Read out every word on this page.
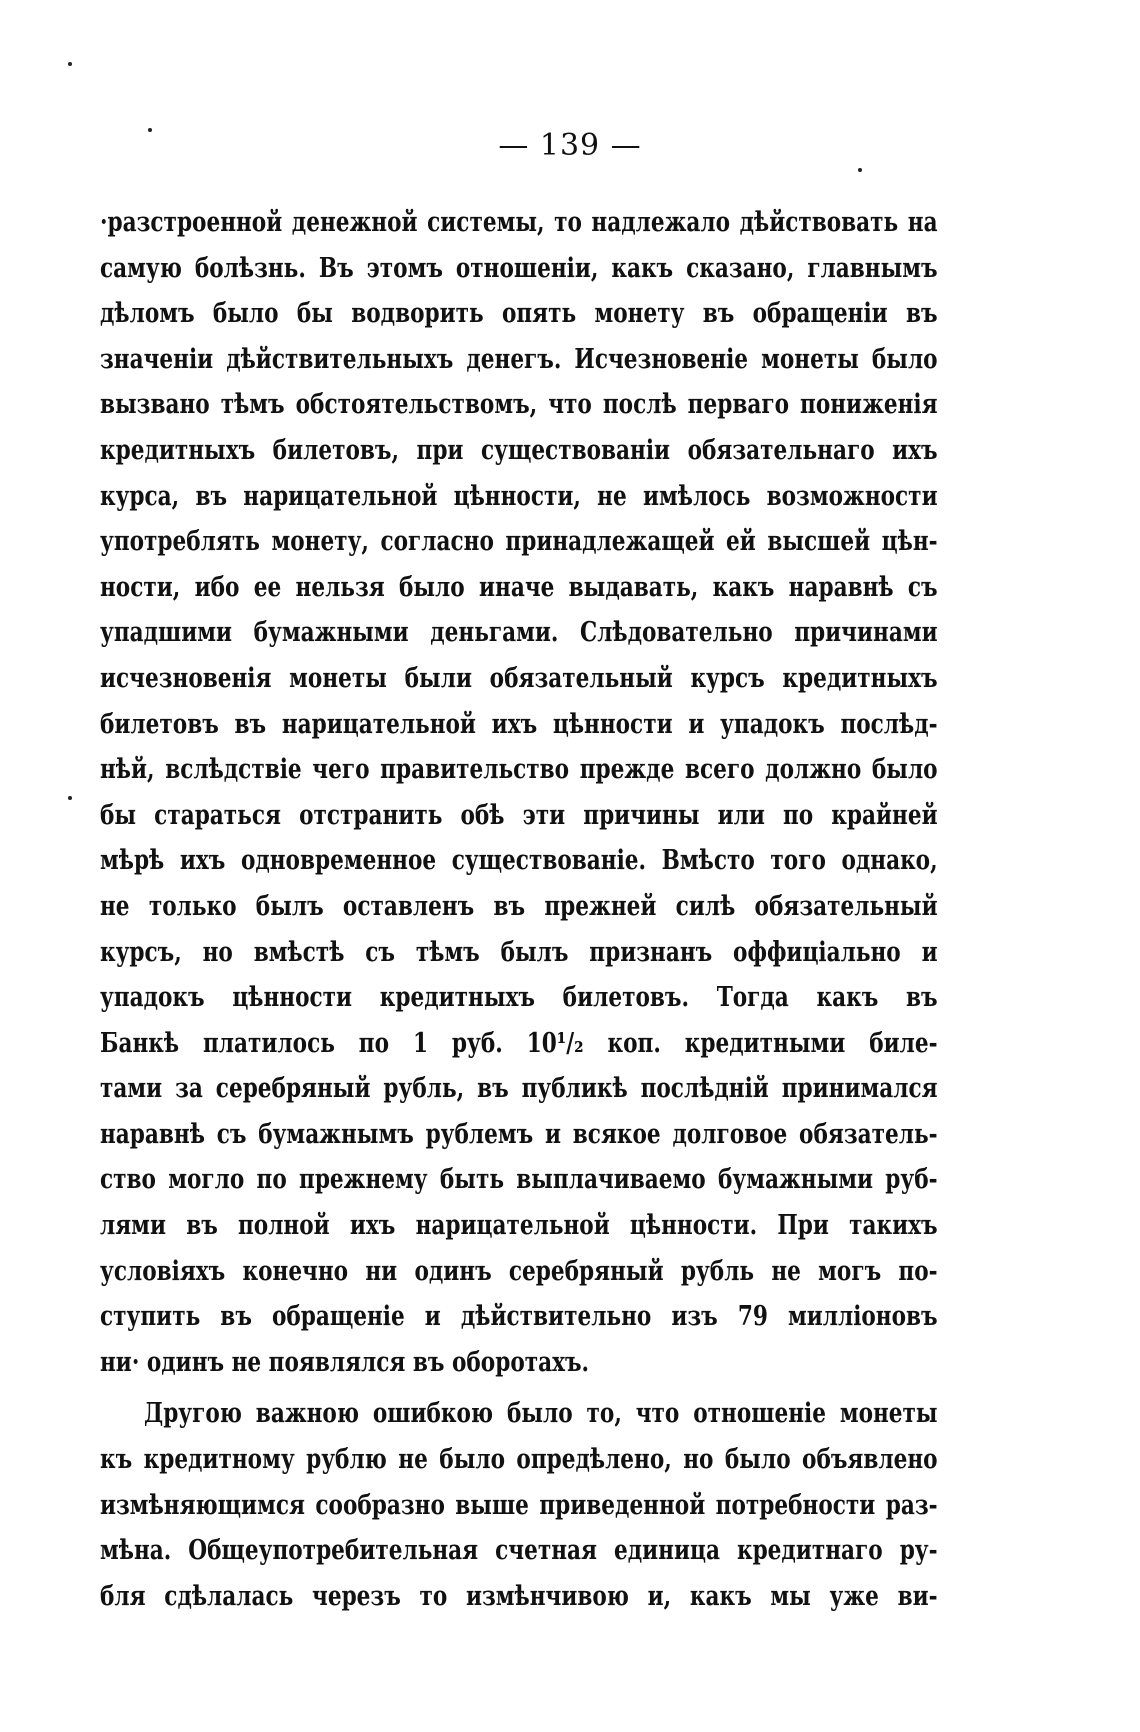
— 139 —
·разстроенной денежной системы, то надлежало дѣйствовать на
самую болѣзнь. Въ этомъ отношенiи, какъ сказано, главнымъ
дѣломъ было бы водворить опять монету въ обращенiи въ
значенiи дѣйствительныхъ денегъ. Исчезновенiе монеты было
вызвано тѣмъ обстоятельствомъ, что послѣ перваго пониженiя
кредитныхъ билетовъ, при существованiи обязательнаго ихъ
курса, въ нарицательной цѣнности, не имѣлось возможности
употреблять монету, согласно принадлежащей ей высшей цѣн-
ности, ибо ее нельзя было иначе выдавать, какъ наравнѣ съ
упадшими бумажными деньгами. Слѣдовательно причинами
исчезновенiя монеты были обязательный курсъ кредитныхъ
билетовъ въ нарицательной ихъ цѣнности и упадокъ послѣд-
нѣй, вслѣдствiе чего правительство прежде всего должно было
бы стараться отстранить обѣ эти причины или по крайней
мѣрѣ ихъ одновременное существованiе. Вмѣсто того однако,
не только былъ оставленъ въ прежней силѣ обязательный
курсъ, но вмѣстѣ съ тѣмъ былъ признанъ оффицiально и
упадокъ цѣнности кредитныхъ билетовъ. Тогда какъ въ
Банкѣ платилось по 1 руб. 10¹/₂ коп. кредитными биле-
тами за серебряный рубль, въ публикѣ послѣднiй принимался
наравнѣ съ бумажнымъ рублемъ и всякое долговое обязатель-
ство могло по прежнему быть выплачиваемо бумажными руб-
лями въ полной ихъ нарицательной цѣнности. При такихъ
условiяхъ конечно ни одинъ серебряный рубль не могъ по-
ступить въ обращенiе и дѣйствительно изъ 79 миллiоновъ
ни· одинъ не появлялся въ оборотахъ.
Другою важною ошибкою было то, что отношенiе монеты
къ кредитному рублю не было опредѣлено, но было объявлено
измѣняющимся сообразно выше приведенной потребности раз-
мѣна. Общеупотребительная счетная единица кредитнаго ру-
бля сдѣлалась черезъ то измѣнчивою и, какъ мы уже ви-
